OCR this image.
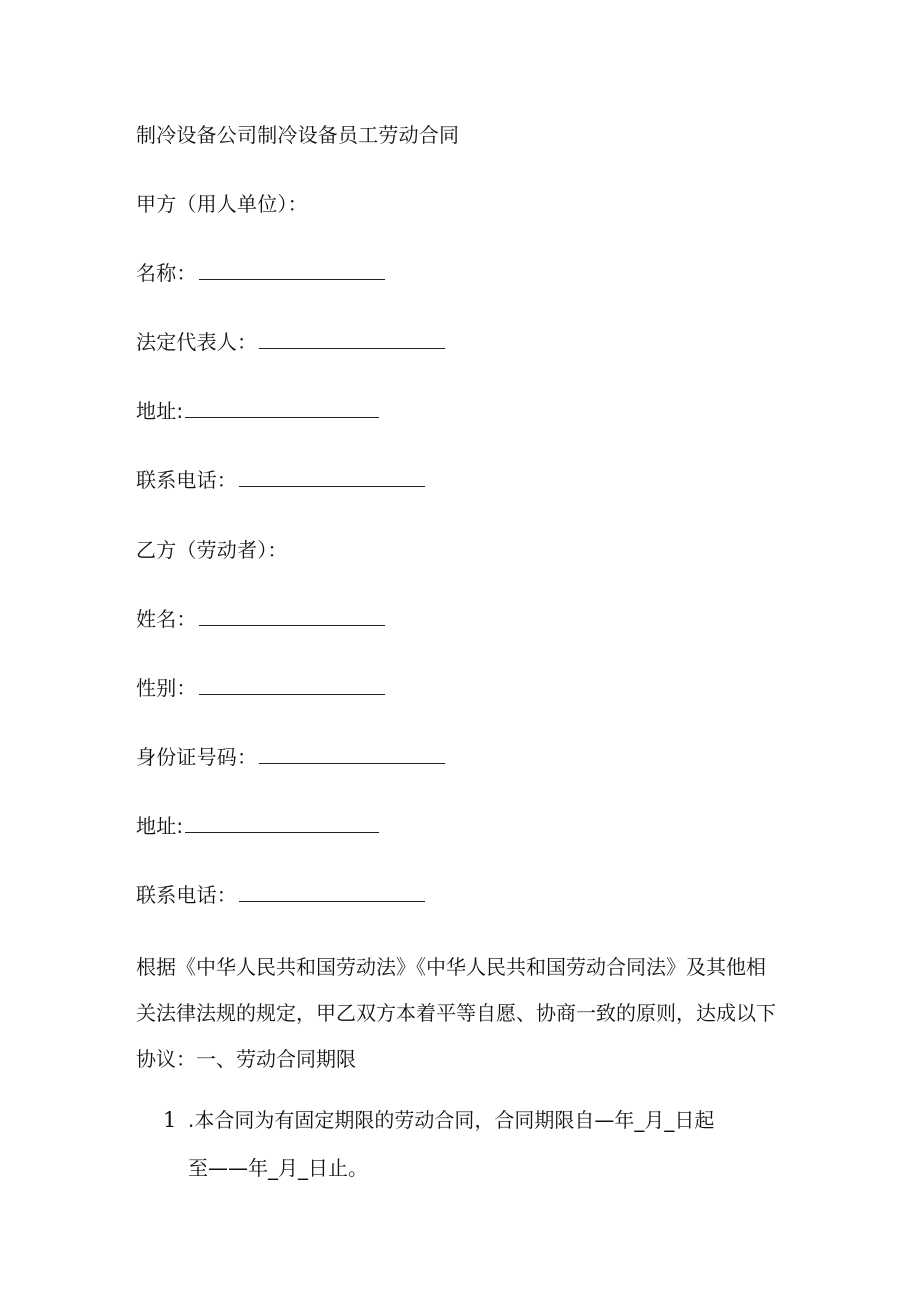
制冷设备公司制冷设备员工劳动合同
甲方（用人单位）：
名称：
法定代表人：
地址:
联系电话：
乙方（劳动者）：
姓名：
性别：
身份证号码：
地址:
联系电话：
根据《中华人民共和国劳动法》《中华人民共和国劳动合同法》及其他相
关法律法规的规定，甲乙双方本着平等自愿、协商一致的原则，达成以下
协议：一、劳动合同期限
1 .本合同为有固定期限的劳动合同，合同期限自—年_月_日起
至——年_月_日止。
